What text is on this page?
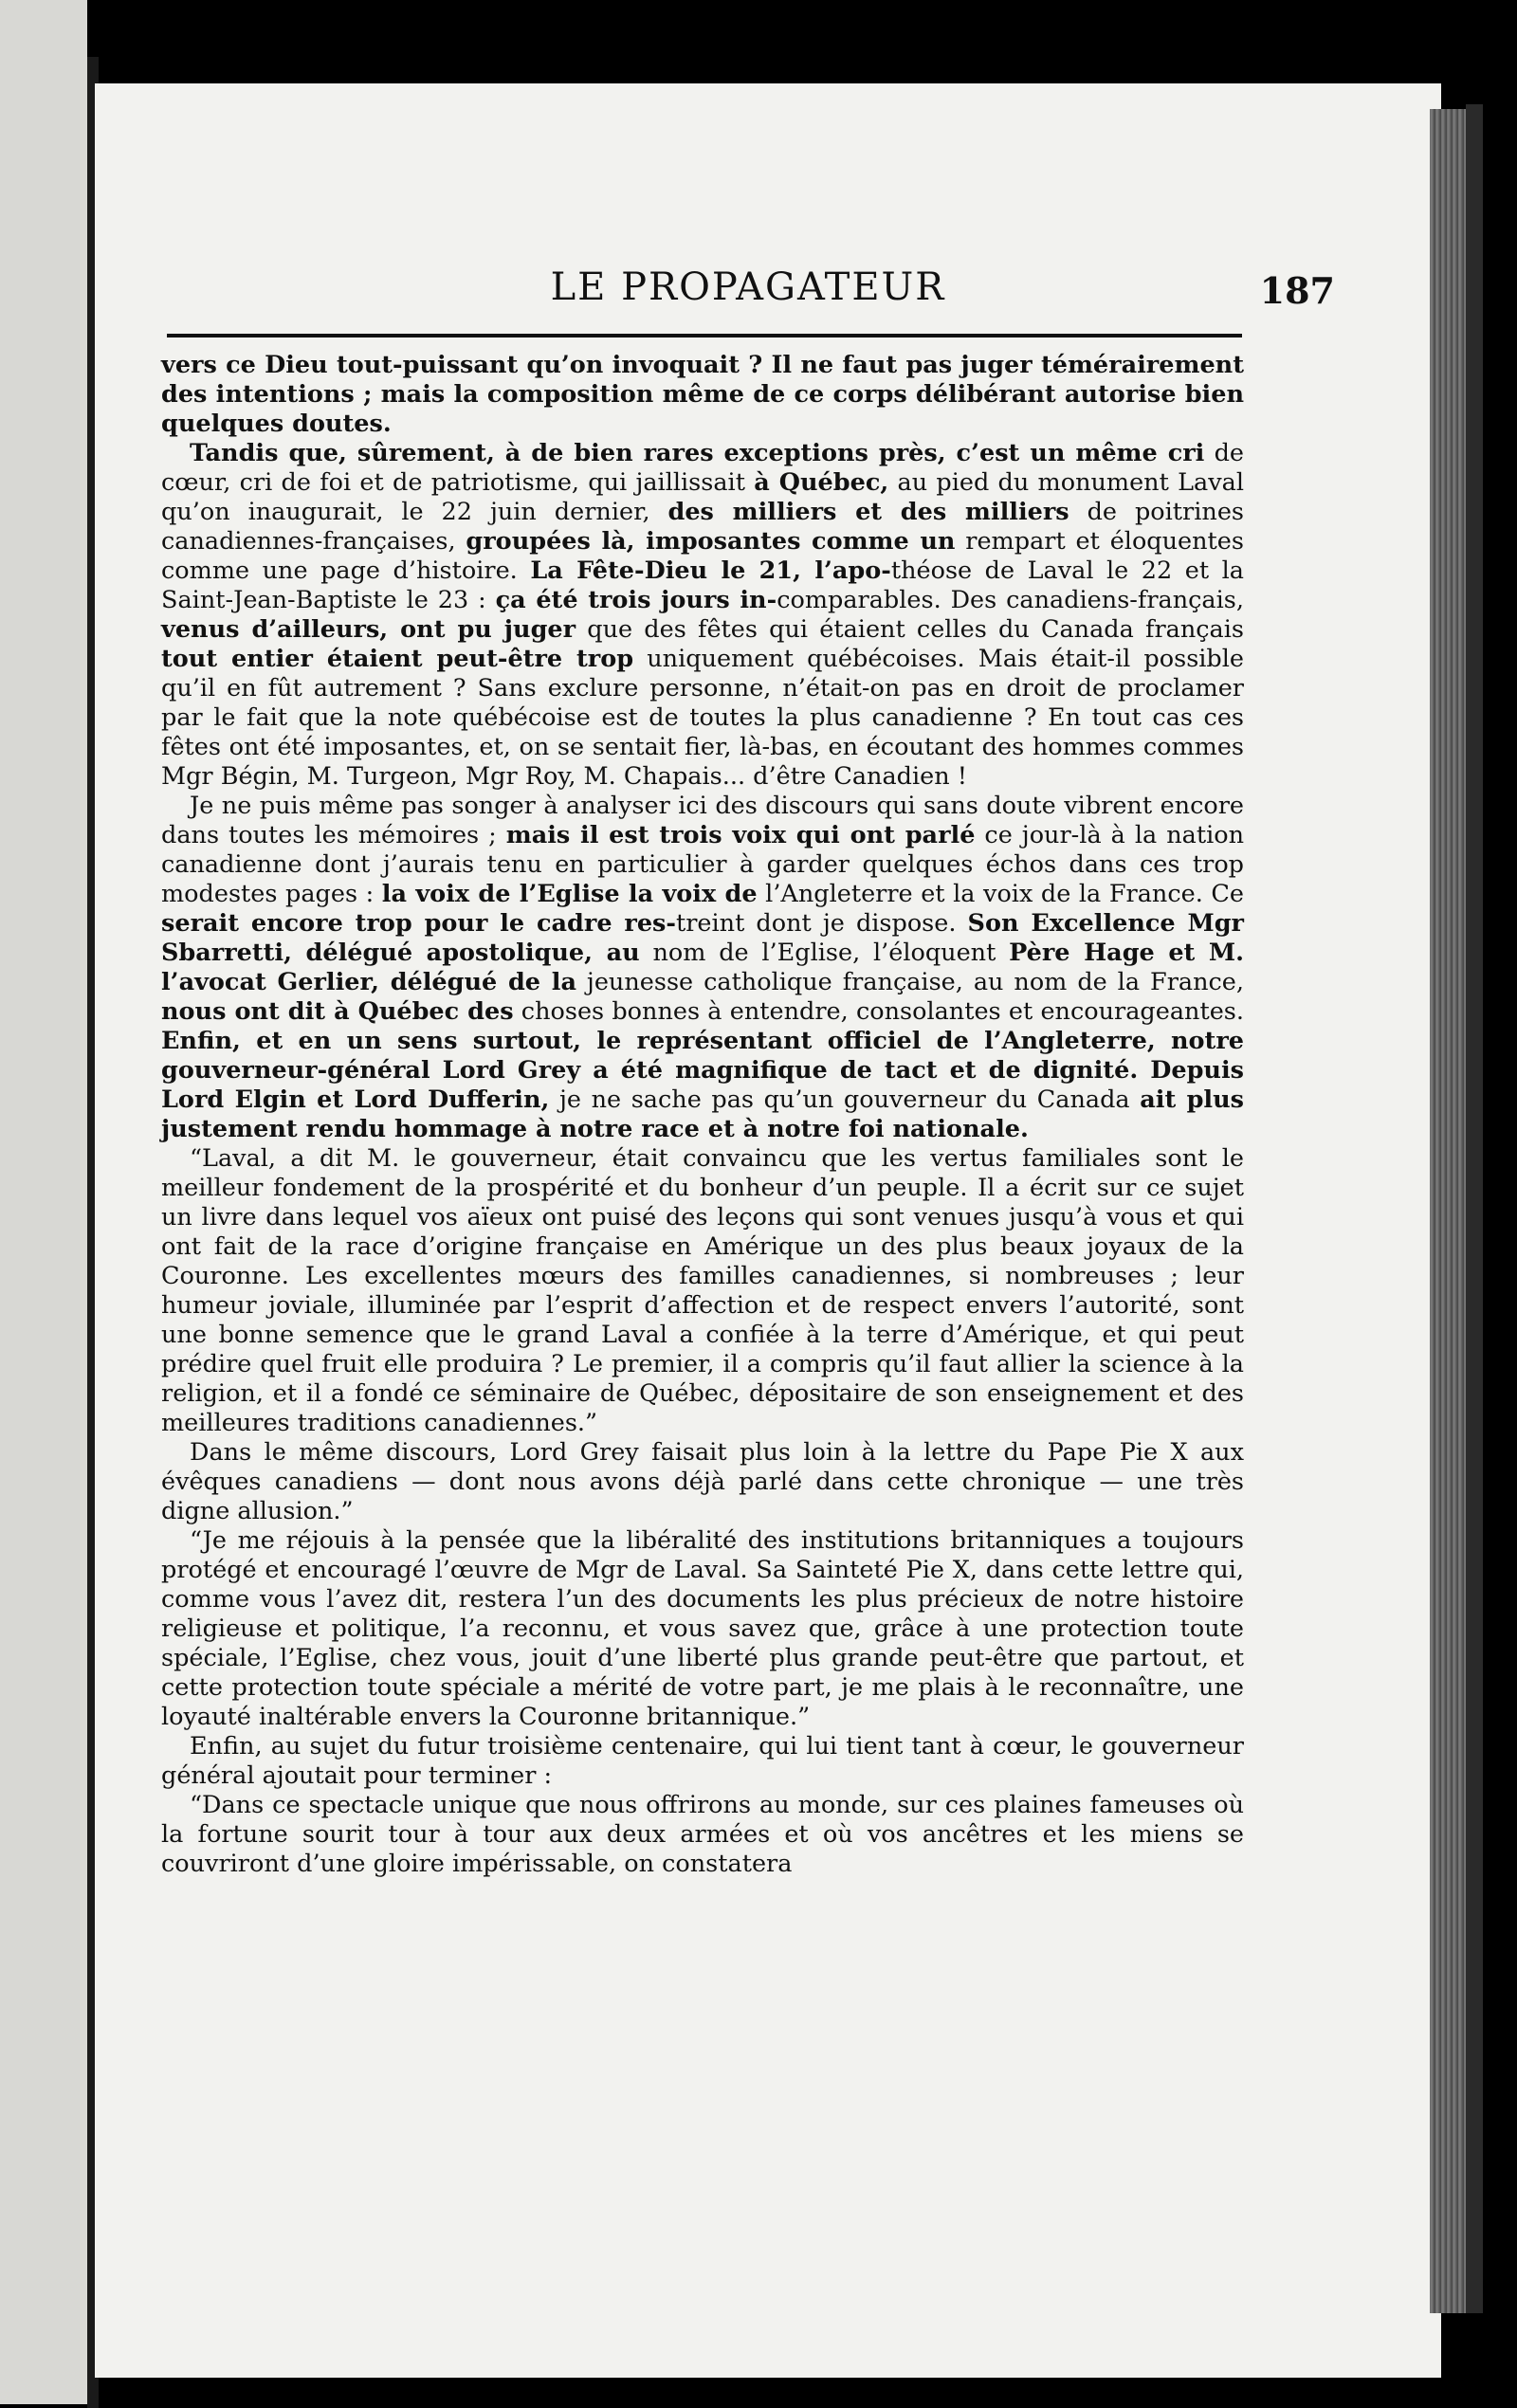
LE PROPAGATEUR	187

vers ce Dieu tout-puissant qu’on invoquait ? Il ne faut pas juger témérairement des intentions ; mais la composition même de ce corps délibérant autorise bien quelques doutes.

Tandis que, sûrement, à de bien rares exceptions près, c’est un même cri de cœur, cri de foi et de patriotisme, qui jaillissait à Québec, au pied du monument Laval qu’on inaugurait, le 22 juin dernier, des milliers et des milliers de poitrines canadiennes-françaises, groupées là, imposantes comme un rempart et éloquentes comme une page d’histoire. La Fête-Dieu le 21, l’apo-théose de Laval le 22 et la Saint-Jean-Baptiste le 23 : ça été trois jours in-comparables. Des canadiens-français, venus d’ailleurs, ont pu juger que des fêtes qui étaient celles du Canada français tout entier étaient peut-être trop uniquement québécoises. Mais était-il possible qu’il en fût autrement ? Sans exclure personne, n’était-on pas en droit de proclamer par le fait que la note québécoise est de toutes la plus canadienne ? En tout cas ces fêtes ont été imposantes, et, on se sentait fier, là-bas, en écoutant des hommes commes Mgr Bégin, M. Turgeon, Mgr Roy, M. Chapais... d’être Canadien !

Je ne puis même pas songer à analyser ici des discours qui sans doute vibrent encore dans toutes les mémoires ; mais il est trois voix qui ont parlé ce jour-là à la nation canadienne dont j’aurais tenu en particulier à garder quelques échos dans ces trop modestes pages : la voix de l’Eglise la voix de l’Angleterre et la voix de la France. Ce serait encore trop pour le cadre res-treint dont je dispose. Son Excellence Mgr Sbarretti, délégué apostolique, au nom de l’Eglise, l’éloquent Père Hage et M. l’avocat Gerlier, délégué de la jeunesse catholique française, au nom de la France, nous ont dit à Québec des choses bonnes à entendre, consolantes et encourageantes. Enfin, et en un sens surtout, le représentant officiel de l’Angleterre, notre gouverneur-général Lord Grey a été magnifique de tact et de dignité. Depuis Lord Elgin et Lord Dufferin, je ne sache pas qu’un gouverneur du Canada ait plus justement rendu hommage à notre race et à notre foi nationale.

“Laval, a dit M. le gouverneur, était convaincu que les vertus familiales sont le meilleur fondement de la prospérité et du bonheur d’un peuple. Il a écrit sur ce sujet un livre dans lequel vos aïeux ont puisé des leçons qui sont venues jusqu’à vous et qui ont fait de la race d’origine française en Amérique un des plus beaux joyaux de la Couronne. Les excellentes mœurs des familles canadiennes, si nombreuses ; leur humeur joviale, illuminée par l’esprit d’affection et de respect envers l’autorité, sont une bonne semence que le grand Laval a confiée à la terre d’Amérique, et qui peut prédire quel fruit elle produira ? Le premier, il a compris qu’il faut allier la science à la religion, et il a fondé ce séminaire de Québec, dépositaire de son enseignement et des meilleures traditions canadiennes.”

Dans le même discours, Lord Grey faisait plus loin à la lettre du Pape Pie X aux évêques canadiens — dont nous avons déjà parlé dans cette chronique — une très digne allusion.”

“Je me réjouis à la pensée que la libéralité des institutions britanniques a toujours protégé et encouragé l’œuvre de Mgr de Laval. Sa Sainteté Pie X, dans cette lettre qui, comme vous l’avez dit, restera l’un des documents les plus précieux de notre histoire religieuse et politique, l’a reconnu, et vous savez que, grâce à une protection toute spéciale, l’Eglise, chez vous, jouit d’une liberté plus grande peut-être que partout, et cette protection toute spéciale a mérité de votre part, je me plais à le reconnaître, une loyauté inaltérable envers la Couronne britannique.”

Enfin, au sujet du futur troisième centenaire, qui lui tient tant à cœur, le gouverneur général ajoutait pour terminer :

“Dans ce spectacle unique que nous offrirons au monde, sur ces plaines fameuses où la fortune sourit tour à tour aux deux armées et où vos ancêtres et les miens se couvriront d’une gloire impérissable, on constatera
